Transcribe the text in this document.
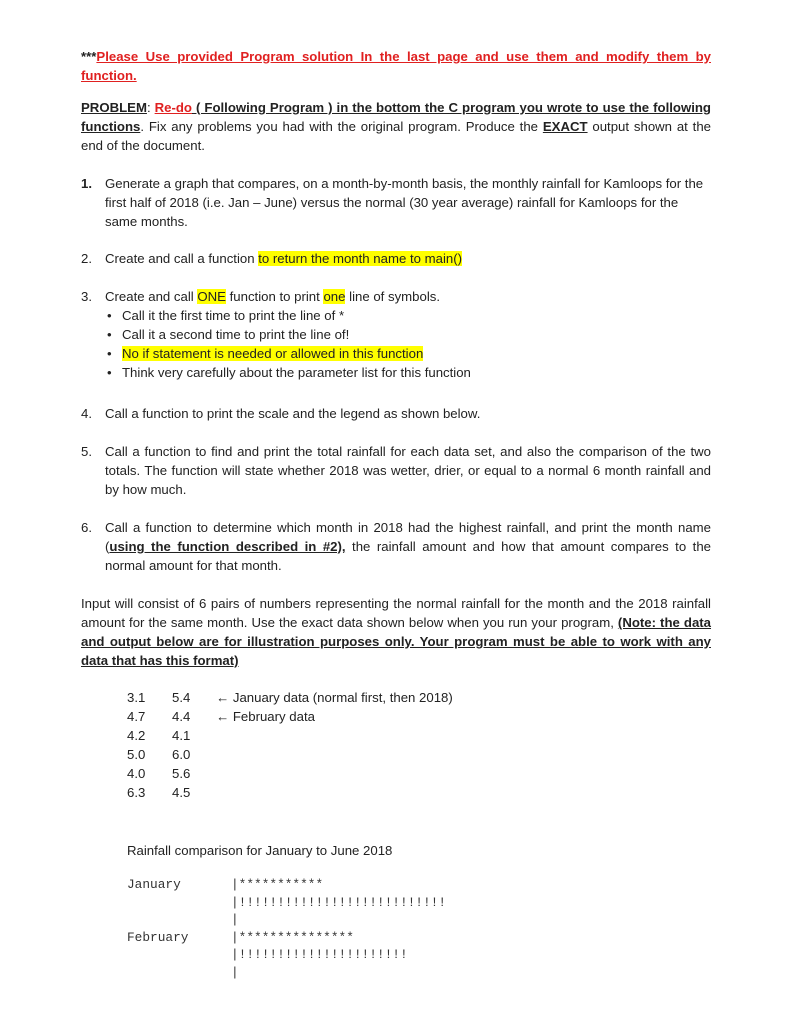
***Please Use provided Program solution In the last page and use them and modify them by function.
PROBLEM: Re-do ( Following Program ) in the bottom the C program you wrote to use the following functions. Fix any problems you had with the original program. Produce the EXACT output shown at the end of the document.
1. Generate a graph that compares, on a month-by-month basis, the monthly rainfall for Kamloops for the first half of 2018 (i.e. Jan – June) versus the normal (30 year average) rainfall for Kamloops for the same months.
2. Create and call a function to return the month name to main()
3. Create and call ONE function to print one line of symbols.
• Call it the first time to print the line of *
• Call it a second time to print the line of!
• No if statement is needed or allowed in this function
• Think very carefully about the parameter list for this function
4. Call a function to print the scale and the legend as shown below.
5. Call a function to find and print the total rainfall for each data set, and also the comparison of the two totals. The function will state whether 2018 was wetter, drier, or equal to a normal 6 month rainfall and by how much.
6. Call a function to determine which month in 2018 had the highest rainfall, and print the month name (using the function described in #2), the rainfall amount and how that amount compares to the normal amount for that month.
Input will consist of 6 pairs of numbers representing the normal rainfall for the month and the 2018 rainfall amount for the same month. Use the exact data shown below when you run your program, (Note: the data and output below are for illustration purposes only. Your program must be able to work with any data that has this format)
3.1	5.4	← January data (normal first, then 2018)
4.7	4.4	← February data
4.2	4.1	
5.0	6.0	
4.0	5.6	
6.3	4.5	
Rainfall comparison for January to June 2018
January	|***********
|!!!!!!!!!!!!!!!!!!!!!!!!!!!
|
February	|***************
|!!!!!!!!!!!!!!!!!!!!!!
|
